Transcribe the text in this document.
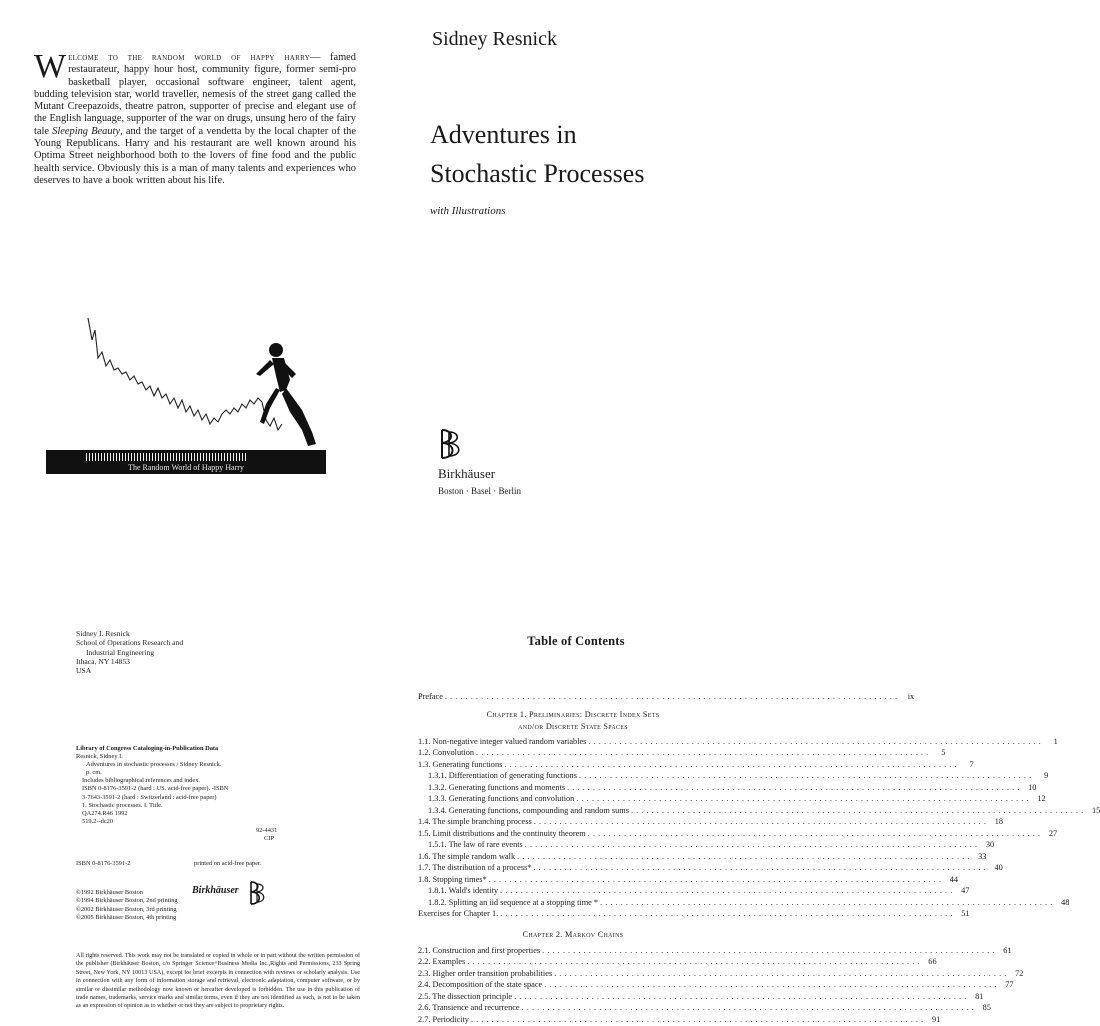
W elcome to the random world of happy harry— famed restaurateur, happy hour host, community figure, former semi-pro basketball player, occasional software engineer, talent agent, budding television star, world traveller, nemesis of the street gang called the Mutant Creepazoids, theatre patron, supporter of precise and elegant use of the English language, supporter of the war on drugs, unsung hero of the fairy tale Sleeping Beauty, and the target of a vendetta by the local chapter of the Young Republicans. Harry and his restaurant are well known around his Optima Street neighborhood both to the lovers of fine food and the public health service. Obviously this is a man of many talents and experiences who deserves to have a book written about his life.
The Random World of Happy Harry
Sidney Resnick
Adventures in
Stochastic Processes
with Illustrations
Birkhäuser
Boston · Basel · Berlin
Sidney I. Resnick
School of Operations Research and
Industrial Engineering
Ithaca, NY 14853
USA
Library of Congress Cataloging-in-Publication Data
Resnick, Sidney I.
Adventures in stochastic processes / Sidney Resnick.
p. cm.
Includes bibliographical references and index.
ISBN 0-8176-3591-2 (hard : US. acid-free paper). -ISBN
3-7643-3591-2 (hard : Switzerland : acid-free paper)
1. Stochastic processes. I. Title.
QA274.R46 1992
519.2--dc20
92-4431
CIP
ISBN 0-8176-3591-2	printed on acid-free paper.
©1992 Birkhäuser Boston
©1994 Birkhäuser Boston, 2nd printing
©2002 Birkhäuser Boston, 3rd printing
©2005 Birkhäuser Boston, 4th printing
Birkhäuser
All rights reserved. This work may not be translated or copied in whole or in part without the written permission of the publisher (Birkhäuser Boston, c/o Springer Science+Business Media Inc.,Rights and Permissions, 233 Spring Street, New York, NY 10013 USA), except for brief excerpts in connection with reviews or scholarly analysis. Use in connection with any form of information storage and retrieval, electronic adaptation, computer software, or by similar or dissimilar methodology now known or hereafter developed is forbidden. The use in this publication of trade names, trademarks, service marks and similar terms, even if they are not identified as such, is not to be taken as an expression of opinion as to whether or not they are subject to proprietary rights.
Table of Contents
Preface ........................................................................................ ix
Chapter 1. Preliminaries: Discrete Index Sets
and/or Discrete State Spaces
1.1. Non-negative integer valued random variables ........................................................................................	1
1.2. Convolution ........................................................................................	5
1.3. Generating functions ........................................................................................	7
1.3.1. Differentiation of generating functions ........................................................................................	9
1.3.2. Generating functions and moments ........................................................................................ 10
1.3.3. Generating functions and convolution ........................................................................................ 12
1.3.4. Generating functions, compounding and random sums ........................................................................................ 15
1.4. The simple branching process ........................................................................................ 18
1.5. Limit distributions and the continuity theorem ........................................................................................ 27
1.5.1. The law of rare events ........................................................................................ 30
1.6. The simple random walk ........................................................................................ 33
1.7. The distribution of a process* ........................................................................................ 40
1.8. Stopping times* ........................................................................................ 44
1.8.1. Wald's identity ........................................................................................ 47
1.8.2. Splitting an iid sequence at a stopping time * ........................................................................................ 48
Exercises for Chapter 1. ........................................................................................ 51
Chapter 2. Markov Chains
2.1. Construction and first properties ........................................................................................ 61
2.2. Examples ........................................................................................ 66
2.3. Higher order transition probabilities ........................................................................................ 72
2.4. Decomposition of the state space ........................................................................................ 77
2.5. The dissection principle ........................................................................................ 81
2.6. Transience and recurrence ........................................................................................ 85
2.7. Periodicity ........................................................................................ 91
